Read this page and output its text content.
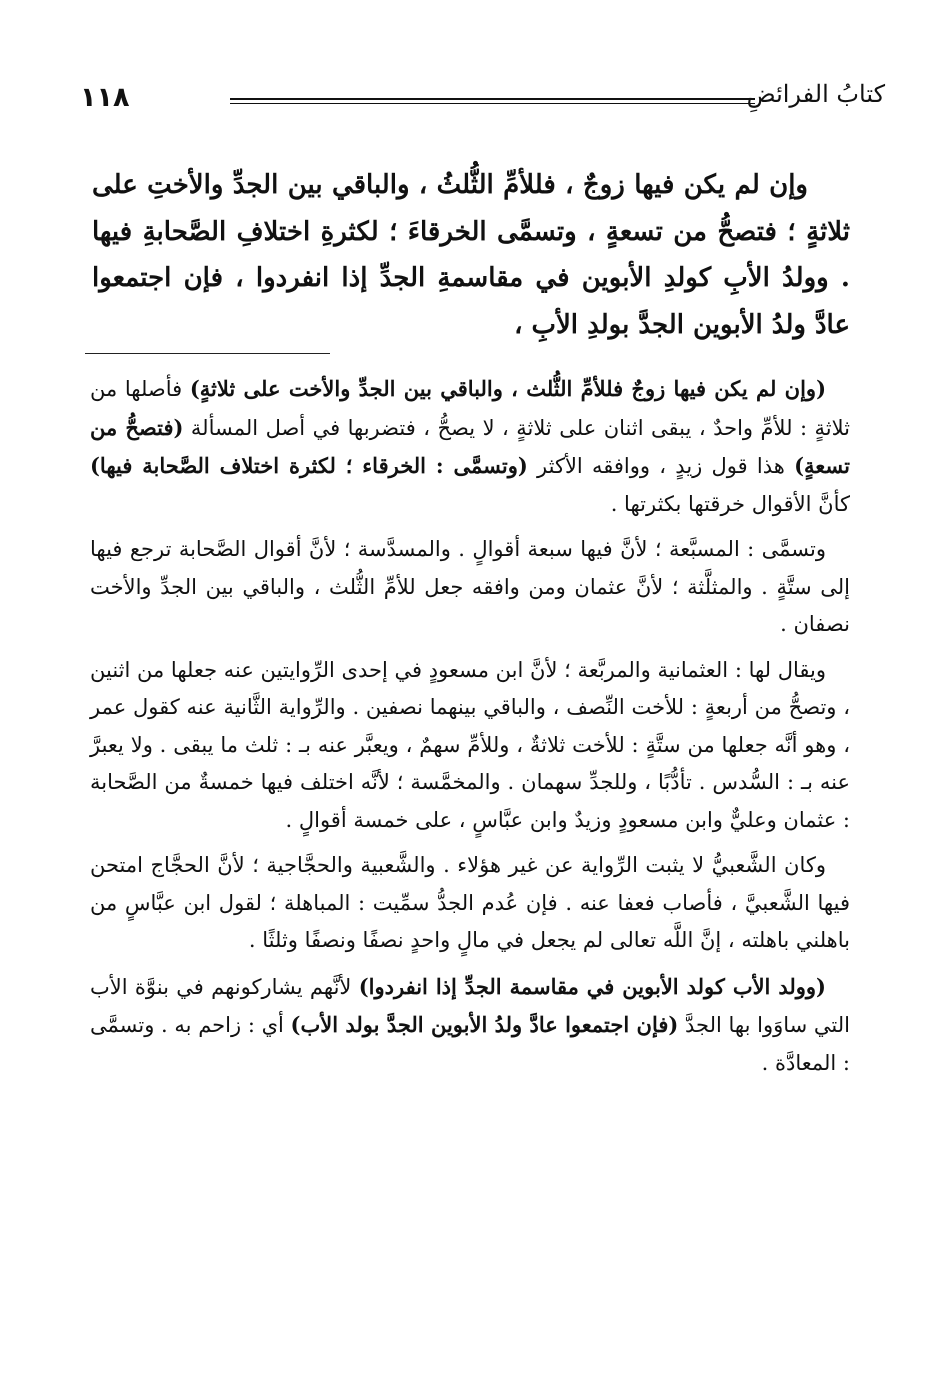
١١٨	كتابُ الفرائضِ

وإن لم يكن فيها زوجٌ ، فللأمِّ الثُّلثُ ، والباقي بين الجدِّ والأختِ على ثلاثةٍ ؛ فتصحُّ من تسعةٍ ، وتسمَّى الخرقاءَ ؛ لكثرةِ اختلافِ الصَّحابةِ فيها . وولدُ الأبِ كولدِ الأبوين في مقاسمةِ الجدِّ إذا انفردوا ، فإن اجتمعوا عادَّ ولدُ الأبوين الجدَّ بولدِ الأبِ ،

(وإن لم يكن فيها زوجٌ فللأمِّ الثُّلث ، والباقي بين الجدِّ والأخت على ثلاثةٍ) فأصلها من ثلاثةٍ : للأمِّ واحدٌ ، يبقى اثنان على ثلاثةٍ ، لا يصحُّ ، فتضربها في أصل المسألة (فتصحُّ من تسعةٍ) هذا قول زيدٍ ، ووافقه الأكثر (وتسمَّى : الخرقاء ؛ لكثرة اختلاف الصَّحابة فيها) كأنَّ الأقوال خرقتها بكثرتها .

وتسمَّى : المسبَّعة ؛ لأنَّ فيها سبعة أقوالٍ . والمسدَّسة ؛ لأنَّ أقوال الصَّحابة ترجع فيها إلى ستَّةٍ . والمثلَّثة ؛ لأنَّ عثمان ومن وافقه جعل للأمِّ الثُّلث ، والباقي بين الجدِّ والأخت نصفان .

ويقال لها : العثمانية والمربَّعة ؛ لأنَّ ابن مسعودٍ في إحدى الرِّوايتين عنه جعلها من اثنين ، وتصحُّ من أربعةٍ : للأخت النِّصف ، والباقي بينهما نصفين . والرِّواية الثَّانية عنه كقول عمر ، وهو أنَّه جعلها من ستَّةٍ : للأخت ثلاثةٌ ، وللأمِّ سهمٌ ، ويعبَّر عنه بـ : ثلث ما يبقى . ولا يعبرَّ عنه بـ : السُّدس . تأدُّبًا ، وللجدِّ سهمان . والمخمَّسة ؛ لأنَّه اختلف فيها خمسةٌ من الصَّحابة : عثمان وعليٌّ وابن مسعودٍ وزيدٌ وابن عبَّاسٍ ، على خمسة أقوالٍ .

وكان الشَّعبيُّ لا يثبت الرِّواية عن غير هؤلاء . والشَّعبية والحجَّاجية ؛ لأنَّ الحجَّاج امتحن فيها الشَّعبيَّ ، فأصاب فعفا عنه . فإن عُدم الجدُّ سمِّيت : المباهلة ؛ لقول ابن عبَّاسٍ من باهلني باهلته ، إنَّ اللَّه تعالى لم يجعل في مالٍ واحدٍ نصفًا ونصفًا وثلثًا .

(وولد الأب كولد الأبوين في مقاسمة الجدِّ إذا انفردوا) لأنَّهم يشاركونهم في بنوَّة الأب التي ساوَوا بها الجدَّ (فإن اجتمعوا عادَّ ولدُ الأبوين الجدَّ بولد الأب) أي : زاحم به . وتسمَّى : المعادَّة .
